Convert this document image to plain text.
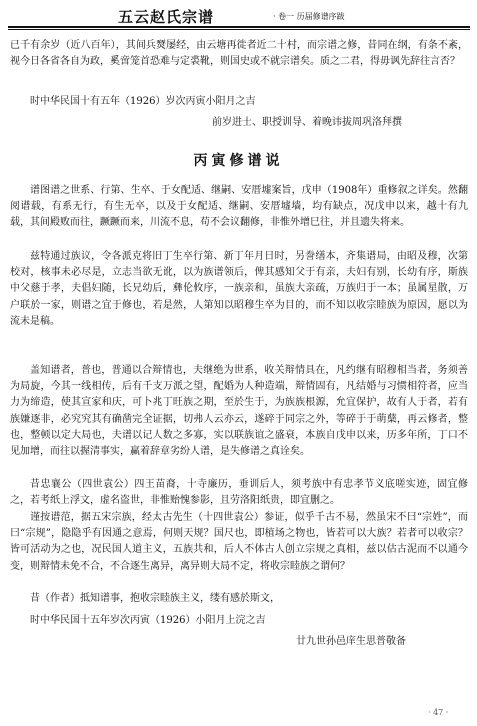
五云赵氏宗谱	· 卷一 历届修谱序跋

已千有余岁（近八百年），其间兵燹屡经，由云塘再徙者近二十村，而宗谱之修，昔同在纲，有条不紊，视今日各省各自为政，奚啻笼首恐难与定裘靴，则国史或不就宗谱矣。质之二君，得毋讽先辞往言否？

时中华民国十有五年（1926）岁次丙寅小阳月之吉
前岁进士、职授训导、着晚讳拔周巩洛拜撰
丙寅修谱说

谱图谱之世系、行第、生卒、于女配适、继嗣、安厝墟案旨，戊申（1908年）重修叙之详矣。然翻阅谱载，有系无行，有生无卒，以及于女配适、继嗣、安厝墟墙，均有缺点，况戊申以来，越十有九载，其间殿败而往，蹶蹶而来，川流不息，苟不会议翻修，非惟外增巳往，并且遗失将来。

兹特通过族议，令各派克将旧丁生卒行第、新丁年月日时，另誊缮本，齐集谱局，由昭及穆，次第校对，核事未必尽是，立志当欲无讹，以为族谱领后，俾其感知父于有亲，夫妇有别，长幼有序，斯族中父慈于孝，夫倡妇随，长兄幼后，彝伦攸序，一族亲和，虽族大亲疏，万族归于一本；虽属星散，万户联於一家，则谱之宜于修也，若是然，人第知以昭穆生卒为目的，而不知以收宗睦族为原因，愿以为流未是稿。

盖知谱者，普也，普通以合辩情也，夫继绝为世系，收关辩情具在，凡约继有昭穆相当者，务须善为局旋，今其一线相传，后有千支万派之望，配婚为人种造端，辩情固有，凡结婚与习惯相符者，应当力为缔造，使其宣家和庆，可卜兆丁旺族之期，至於生于，为族族根源，允宜保护，故有人于者，若有族嫌逐非，必究究其有确凿完全证据，切弗人云亦云，遂碎于同宗之外，等碎于于萌蘖，再云修者，整也，整顿以定大局也，夫谱以记人数之多寡，实以联族谊之盛衰，本族自戊申以来，历多年所，丁口不见加增，而往以握清事实，赢着辞章劣纷人谱，是失修谱之真诠矣。

昔忠襄公（四世袁公）四王苗裔，十寺廉历，垂训后人，须考族中有忠孝节义底嗟实迹，固宜修之，若考纸上浮文，虚名盗世，非惟贻愧参影，且劳洛阳纸贵，即宜删之。

谨按谱范，据五宋宗族，经太古先生（十四世袁公）参证，似乎千古不易，然虽宋不曰“宗姓”，而曰“宗规”，隐隐乎有因通之意焉，何则天规？国尺也，即植场之物也，皆若可以大族？若者可以收宗？皆可活动为之也，况民国人道主义，五族共和，后人不体古人创立宗规之真相，兹以估古泥而不以通今变，则辩情未免不合，不合逐生离异，离异则大局不定，将收宗睦族之谓何？

昔（作者）抵知谱事，抱收宗睦族主义，缕有感於斯文，

时中华民国十五年岁次丙寅（1926）小阳月上浣之吉
廿九世孙邑庠生思普敬备
· 47 ·
